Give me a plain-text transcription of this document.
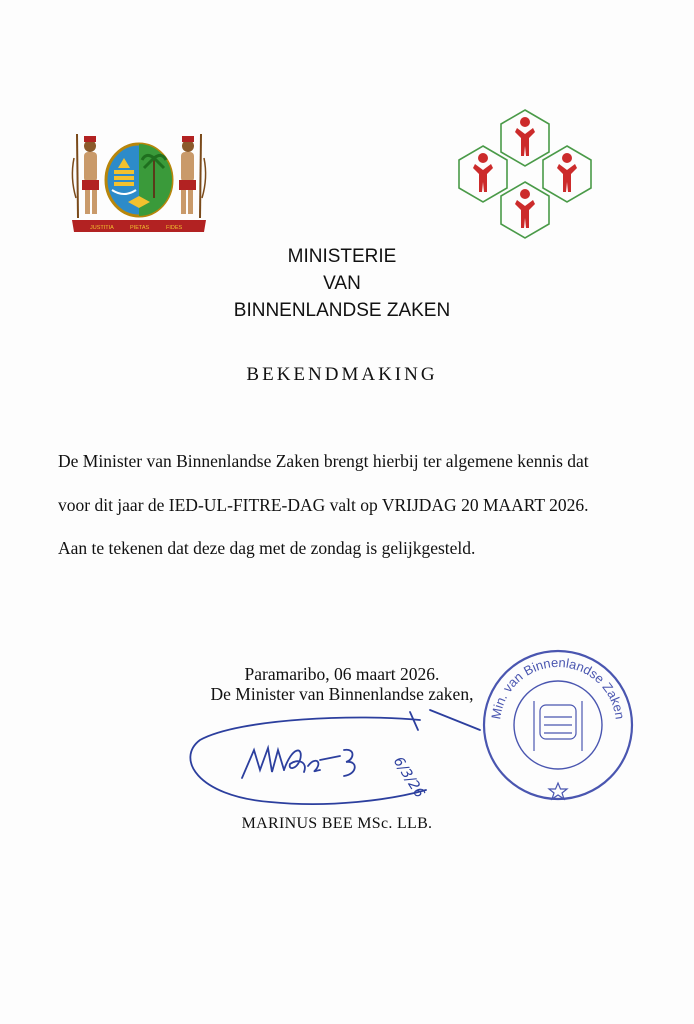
JUSTITIA	PIETAS	FIDES
MINISTERIE
VAN
BINNENLANDSE ZAKEN
BEKENDMAKING
De Minister van Binnenlandse Zaken brengt hierbij ter algemene kennis dat
voor dit jaar de IED-UL-FITRE-DAG valt op VRIJDAG 20 MAART 2026.
Aan te tekenen dat deze dag met de zondag is gelijkgesteld.
Paramaribo, 06 maart 2026.
De Minister van Binnenlandse zaken,
6/3/26
Min. van Binnenlandse Zaken
MARINUS BEE MSc. LLB.
